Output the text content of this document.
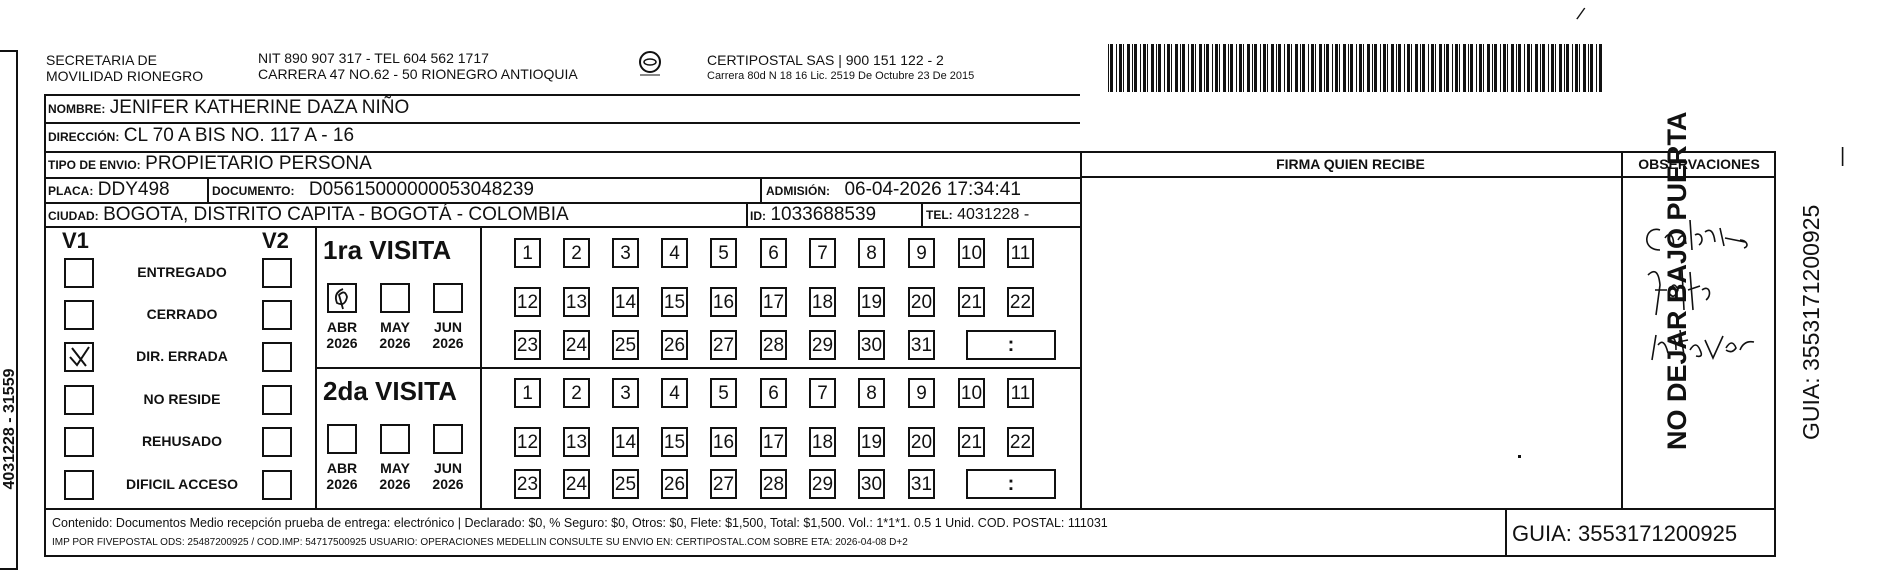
4031228 - 31559
SECRETARIA DE
MOVILIDAD RIONEGRO
NIT 890 907 317 - TEL 604 562 1717
CARRERA 47 NO.62 - 50 RIONEGRO ANTIOQUIA
CERTIPOSTAL SAS | 900 151 122 - 2
Carrera 80d N 18 16 Lic. 2519 De Octubre 23 De 2015
/
NOMBRE: JENIFER KATHERINE DAZA NIÑO
DIRECCIÓN: CL 70 A BIS NO. 117 A - 16
TIPO DE ENVIO: PROPIETARIO PERSONA
PLACA: DDY498	DOCUMENTO: D05615000000053048239	ADMISIÓN: 06-04-2026 17:34:41
CIUDAD: BOGOTA, DISTRITO CAPITA - BOGOTÁ - COLOMBIA	ID: 1033688539	TEL: 4031228 -
FIRMA QUIEN RECIBE	OBSERVACIONES	|
V1	V2
ENTREGADO
CERRADO
DIR. ERRADA
NO RESIDE
REHUSADO
DIFICIL ACCESO
1ra VISITA
2da VISITA
ABR
2026
MAY
2026
JUN
2026
ABR
2026
MAY
2026
JUN
2026
1	2	3	4	5	6	7	8	9	10 11
12 13 14 15 16 17 18 19 20 21 22
23 24 25 26 27 28 29 30 31	:
1	2	3	4	5	6	7	8	9	10 11
12 13 14 15 16 17 18 19 20 21 22
23 24 25 26 27 28 29 30 31	:
NO DEJAR BAJO PUERTA	GUIA: 3553171200925
Contenido: Documentos Medio recepción prueba de entrega: electrónico | Declarado: $0, % Seguro: $0, Otros: $0, Flete: $1,500, Total: $1,500. Vol.: 1*1*1. 0.5 1 Unid. COD. POSTAL: 111031
IMP POR FIVEPOSTAL ODS: 25487200925 / COD.IMP: 54717500925 USUARIO: OPERACIONES MEDELLIN CONSULTE SU ENVIO EN: CERTIPOSTAL.COM SOBRE ETA: 2026-04-08 D+2	GUIA: 3553171200925
